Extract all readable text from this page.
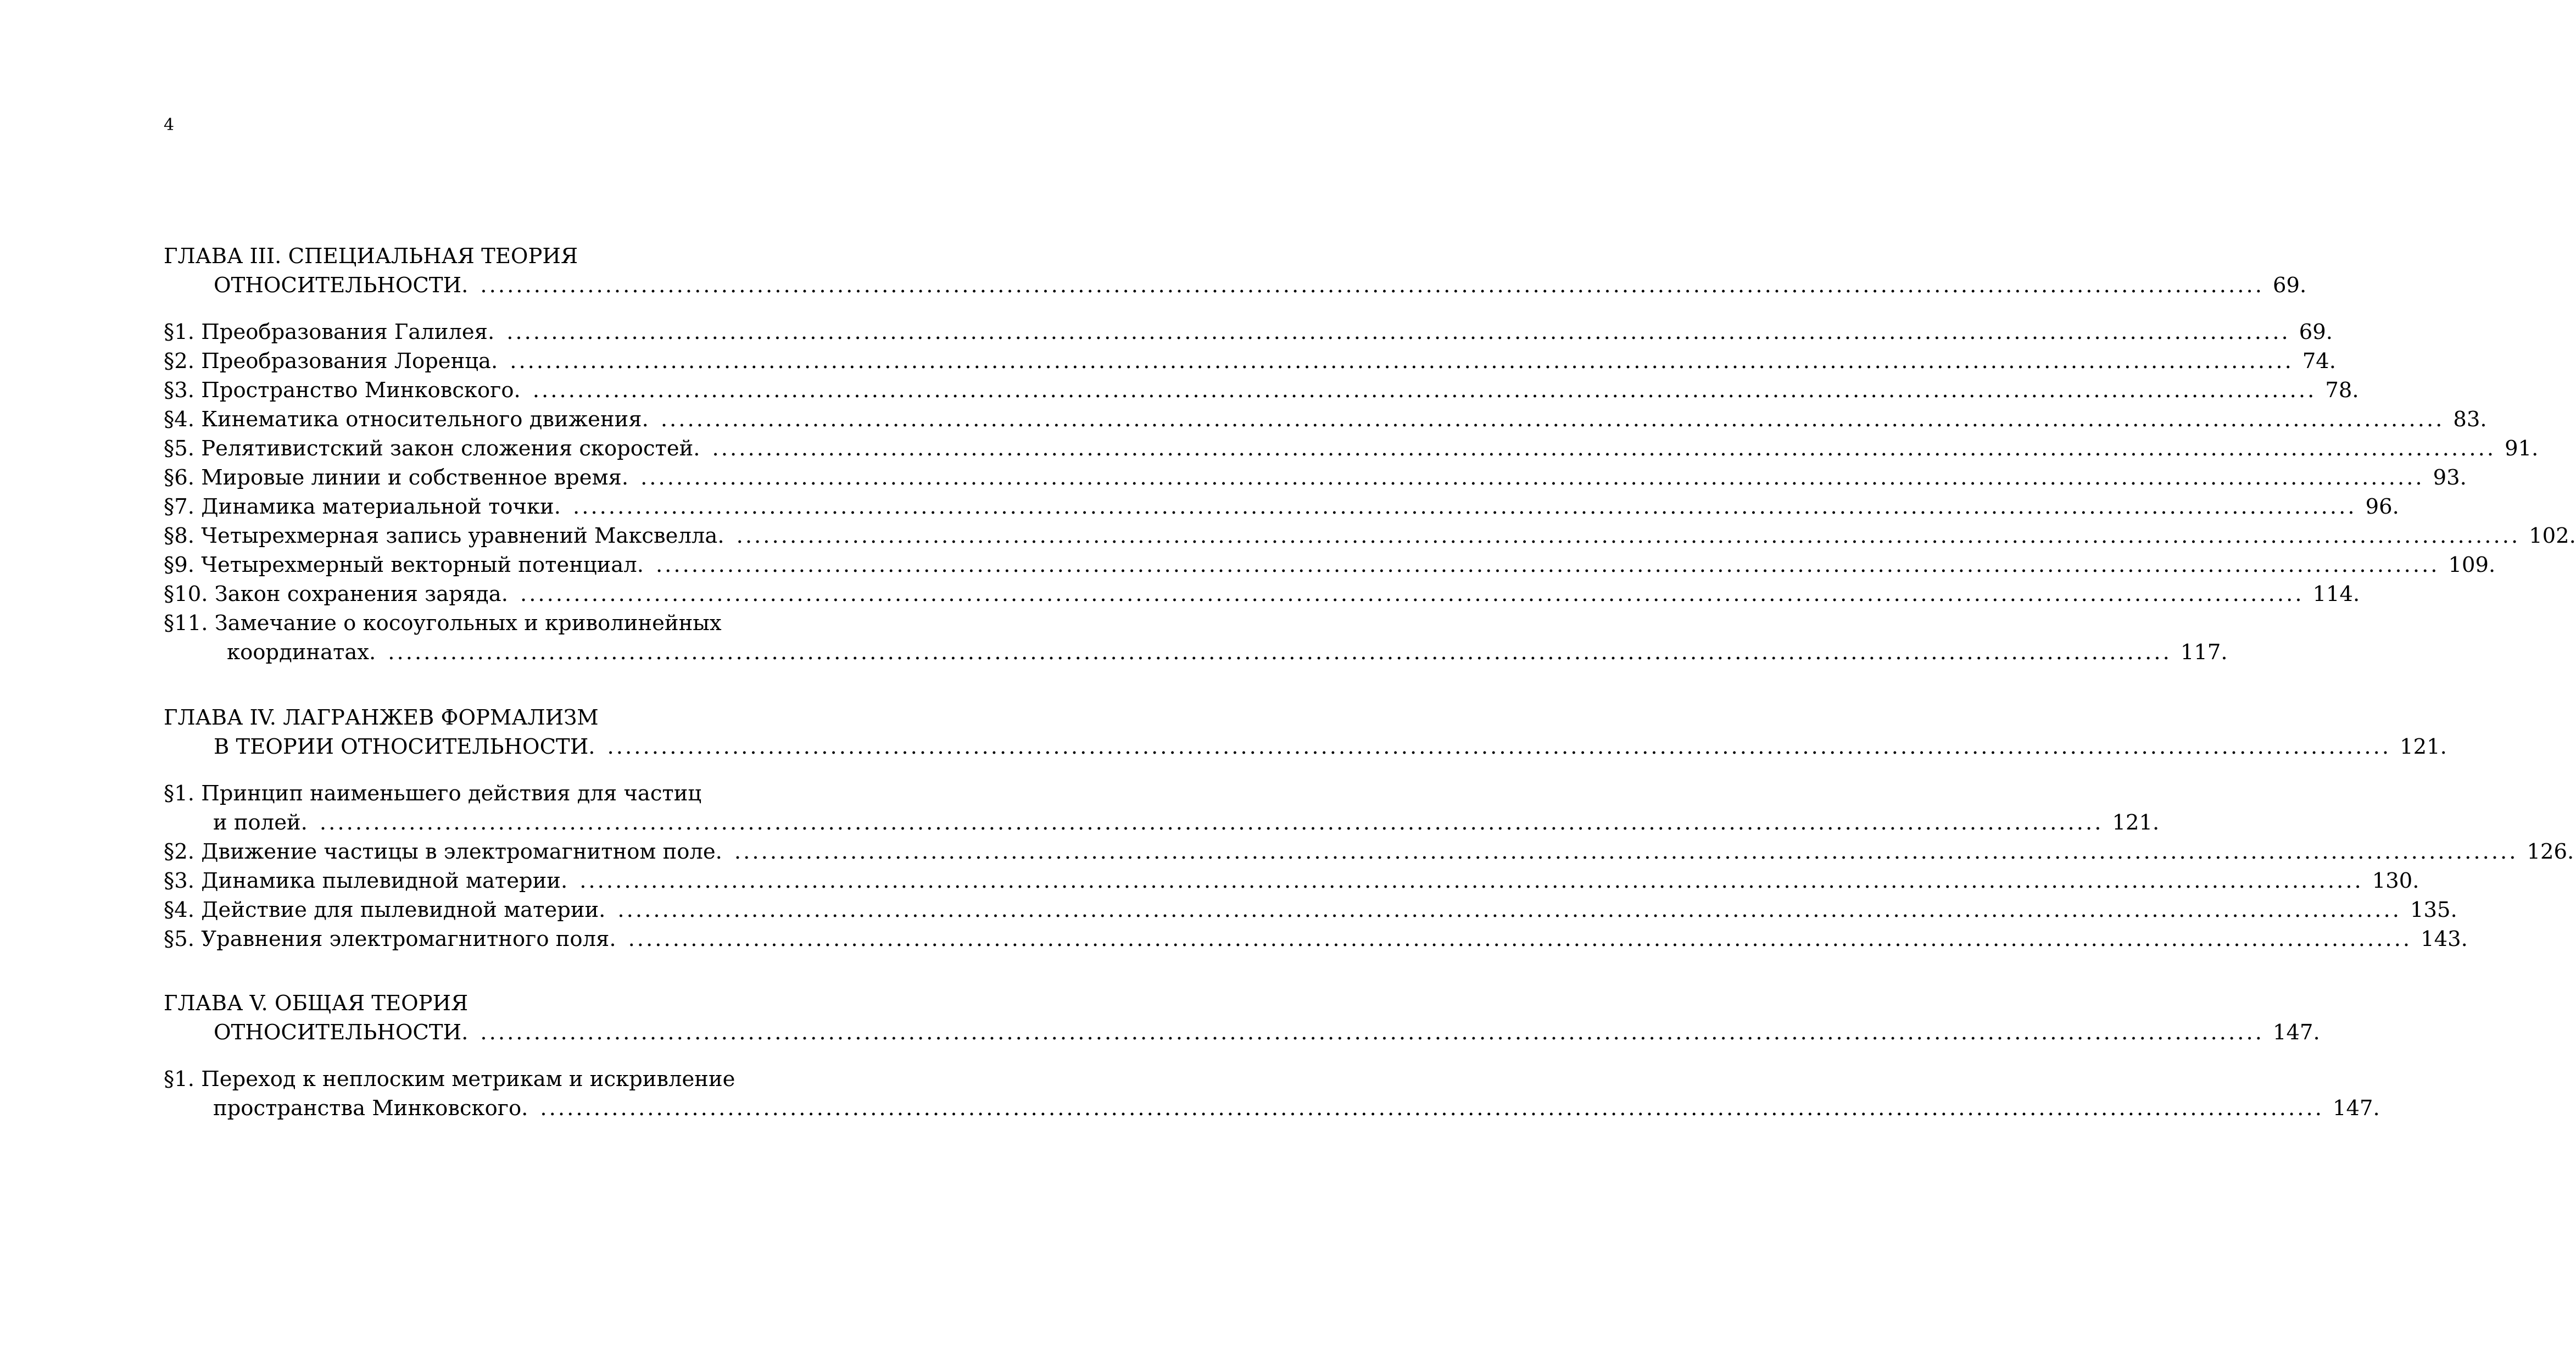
4
ГЛАВА III. СПЕЦИАЛЬНАЯ ТЕОРИЯ
ОТНОСИТЕЛЬНОСТИ. ........................................................................................................................................................................................................ 69.
§1. Преобразования Галилея. ........................................................................................................................................................................................................ 69.
§2. Преобразования Лоренца. ........................................................................................................................................................................................................ 74.
§3. Пространство Минковского. ........................................................................................................................................................................................................ 78.
§4. Кинематика относительного движения. ........................................................................................................................................................................................................ 83.
§5. Релятивистский закон сложения скоростей. ........................................................................................................................................................................................................ 91.
§6. Мировые линии и собственное время. ........................................................................................................................................................................................................ 93.
§7. Динамика материальной точки. ........................................................................................................................................................................................................ 96.
§8. Четырехмерная запись уравнений Максвелла. ........................................................................................................................................................................................................ 102.
§9. Четырехмерный векторный потенциал. ........................................................................................................................................................................................................ 109.
§10. Закон сохранения заряда. ........................................................................................................................................................................................................ 114.
§11. Замечание о косоугольных и криволинейных
координатах. ........................................................................................................................................................................................................ 117.
ГЛАВА IV. ЛАГРАНЖЕВ ФОРМАЛИЗМ
В ТЕОРИИ ОТНОСИТЕЛЬНОСТИ. ........................................................................................................................................................................................................ 121.
§1. Принцип наименьшего действия для частиц
и полей. ........................................................................................................................................................................................................ 121.
§2. Движение частицы в электромагнитном поле. ........................................................................................................................................................................................................ 126.
§3. Динамика пылевидной материи. ........................................................................................................................................................................................................ 130.
§4. Действие для пылевидной материи. ........................................................................................................................................................................................................ 135.
§5. Уравнения электромагнитного поля. ........................................................................................................................................................................................................ 143.
ГЛАВА V. ОБЩАЯ ТЕОРИЯ
ОТНОСИТЕЛЬНОСТИ. ........................................................................................................................................................................................................ 147.
§1. Переход к неплоским метрикам и искривление
пространства Минковского. ........................................................................................................................................................................................................ 147.
